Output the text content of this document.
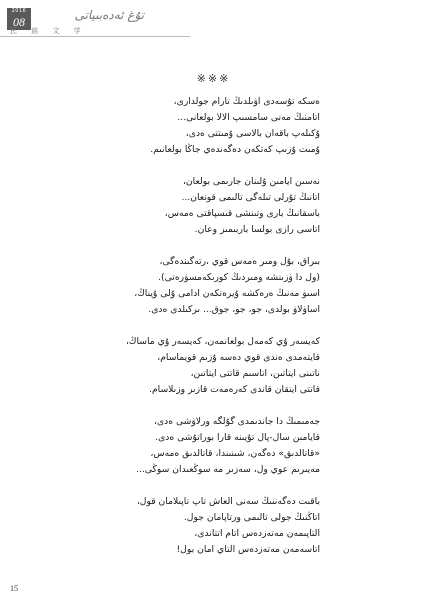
2016
08	تۇغ ئەدەبىياتى
民 族 文 学
※※※
ەسكە تۇسەدى اۋىلدىڭ تارام جولدارى،
اتامنىڭ مەنى سامسىپ الالا بولعانى...
ۇكىلەپ باقەان بالاسى ۇمىتتى ەدى،
ۇمىت ۇزىپ كەتكەن دەگەندەي جاڭا بولعانىم.
نەسىن ايامىن ۇلىنان جارىمى بولعان،
اتانىڭ تۇرلى تىلەگى تالىمى قونعان...
باسقانىڭ بارى وتىنشى قىسپاقتى ەمەس،
اتاسى رازى بولسا باربىمىز وعان.
بىراق، بۇل ومىر ەمەس قوي ،رتەگىندەگى،
(ول دا ۋزىنشە ومىردىڭ كورىكەمسۋرەتى).
اسىۋ مەنىڭ ەرەكشە ۇيرەتكەن ادامى ۇلى ۇيناڭ،
اساۋلاۋ بولدى، جو، جو، جوق... ىركىلدى ەدى.
كەيسەر ۇي كەمەل بولعانمەن، كەيسەر ۇي ماساڭ،
قايتەمدى ەندى قوي دەسە ۇزىم قويماسام،
ناتىنى ايتاتىن، اتاسىم قاتتى ايتاتىن،
قاتتى ايتقان قاندى كەرەمەت قازىر وزىلاسام.
جەمىمىڭ دا جاندىمدى گۇلگە ورلاۋشى ەدى،
قايامىن سال-پال تۇيىنە قارا بوراتۇشى ەدى.
«قاتالدىق» دەگەن، شىنىندا، قاتالدىق ەمەس،
مەيىرىم عوي ول، سەزىر مە سوڭعىدان سوڭى...
باقىت دەگەننىڭ سەنى العاش تاپ تاپىلامان قول،
اتاڭنىڭ جولى تالىمى ورتاپامان جول.
التاپىمەن مەتەزدەس اتام اتتاندى،
اتاسەمەن مەتەزدەس التاي امان بول!
15
